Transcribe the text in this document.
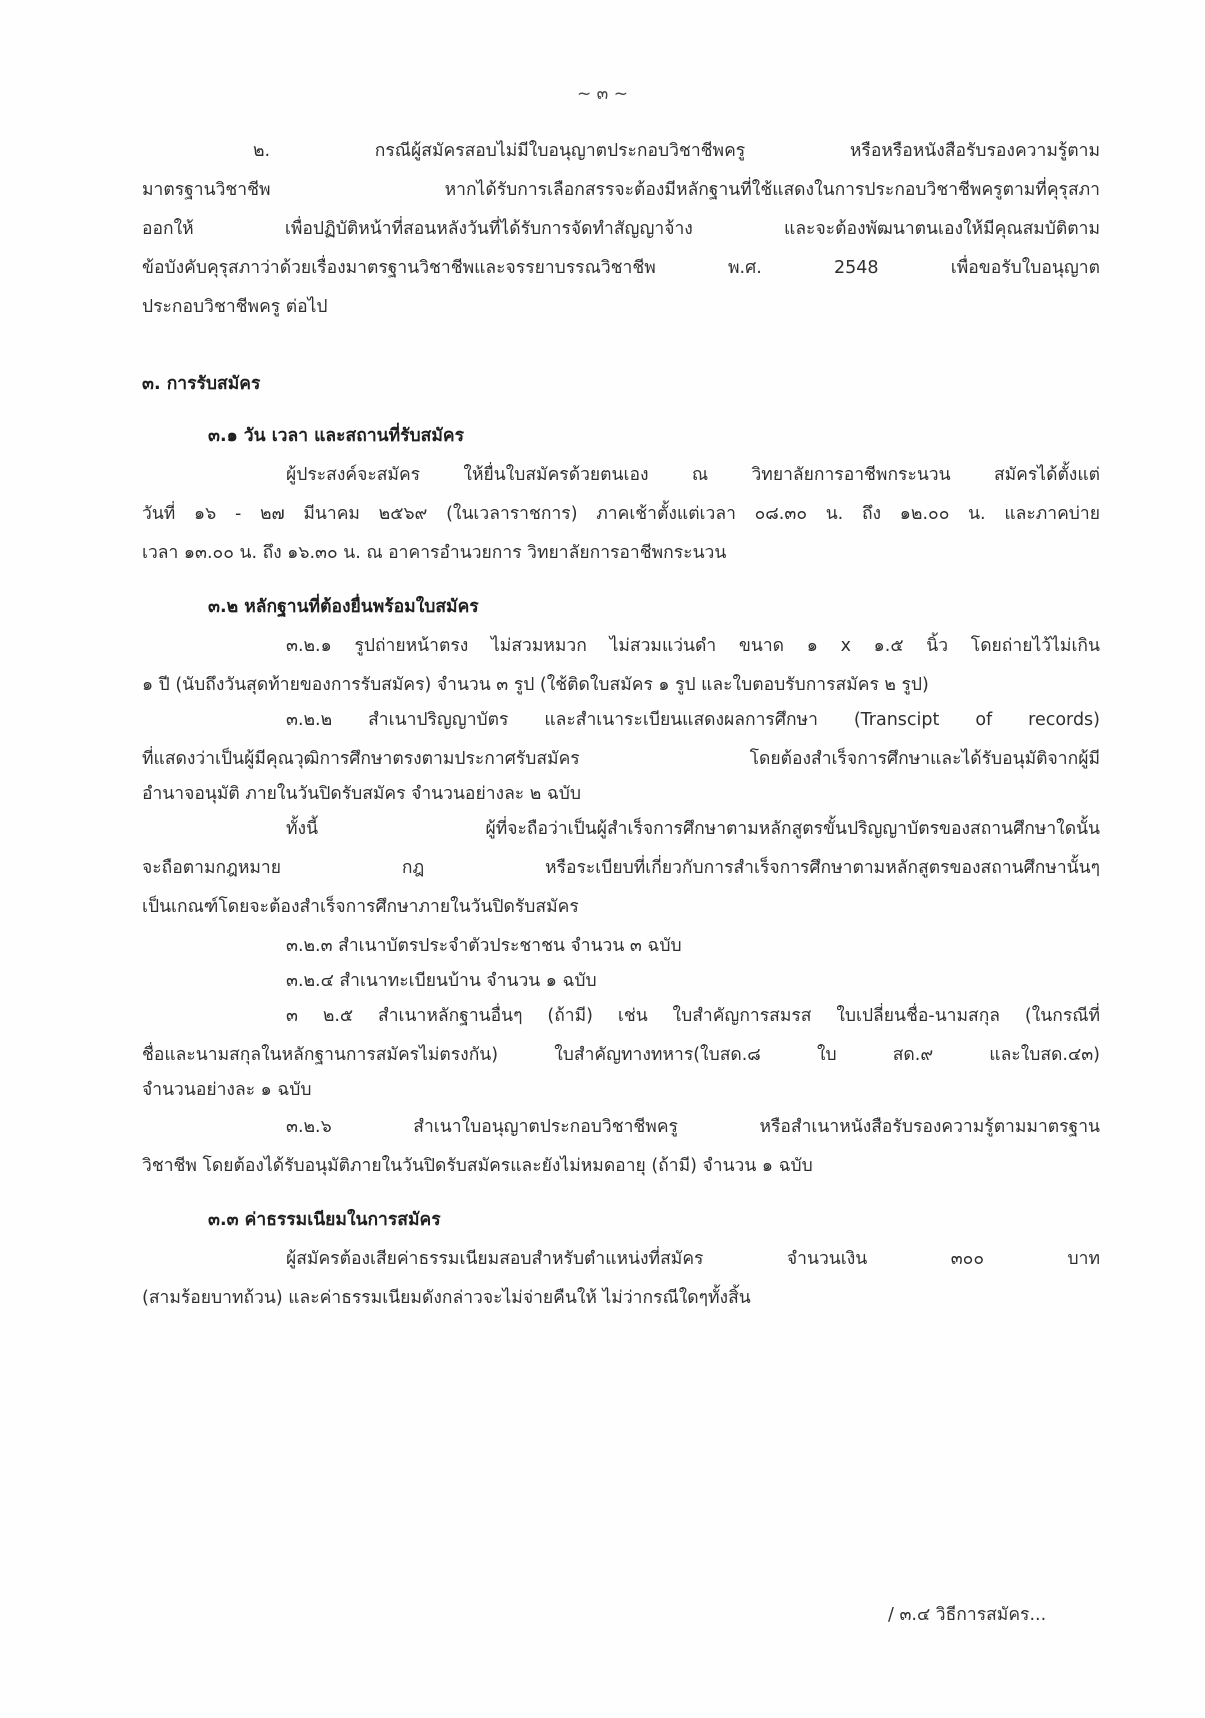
~ ๓ ~
๒. กรณีผู้สมัครสอบไม่มีใบอนุญาตประกอบวิชาชีพครู หรือหรือหนังสือรับรองความรู้ตาม
มาตรฐานวิชาชีพ หากได้รับการเลือกสรรจะต้องมีหลักฐานที่ใช้แสดงในการประกอบวิชาชีพครูตามที่คุรุสภา
ออกให้ เพื่อปฏิบัติหน้าที่สอนหลังวันที่ได้รับการจัดทำสัญญาจ้าง และจะต้องพัฒนาตนเองให้มีคุณสมบัติตาม
ข้อบังคับคุรุสภาว่าด้วยเรื่องมาตรฐานวิชาชีพและจรรยาบรรณวิชาชีพ พ.ศ. 2548 เพื่อขอรับใบอนุญาต
ประกอบวิชาชีพครู ต่อไป
๓. การรับสมัคร
๓.๑ วัน เวลา และสถานที่รับสมัคร
ผู้ประสงค์จะสมัคร ให้ยื่นใบสมัครด้วยตนเอง ณ วิทยาลัยการอาชีพกระนวน สมัครได้ตั้งแต่
วันที่ ๑๖ - ๒๗ มีนาคม ๒๕๖๙ (ในเวลาราชการ) ภาคเช้าตั้งแต่เวลา ๐๘.๓๐ น. ถึง ๑๒.๐๐ น. และภาคบ่าย
เวลา ๑๓.๐๐ น. ถึง ๑๖.๓๐ น. ณ อาคารอำนวยการ วิทยาลัยการอาชีพกระนวน
๓.๒ หลักฐานที่ต้องยื่นพร้อมใบสมัคร
๓.๒.๑ รูปถ่ายหน้าตรง ไม่สวมหมวก ไม่สวมแว่นดำ ขนาด ๑ x ๑.๕ นิ้ว โดยถ่ายไว้ไม่เกิน
๑ ปี (นับถึงวันสุดท้ายของการรับสมัคร) จำนวน ๓ รูป (ใช้ติดใบสมัคร ๑ รูป และใบตอบรับการสมัคร ๒ รูป)
๓.๒.๒ สำเนาปริญญาบัตร และสำเนาระเบียนแสดงผลการศึกษา (Transcipt of records)
ที่แสดงว่าเป็นผู้มีคุณวุฒิการศึกษาตรงตามประกาศรับสมัคร โดยต้องสำเร็จการศึกษาและได้รับอนุมัติจากผู้มี
อำนาจอนุมัติ ภายในวันปิดรับสมัคร จำนวนอย่างละ ๒ ฉบับ
ทั้งนี้ ผู้ที่จะถือว่าเป็นผู้สำเร็จการศึกษาตามหลักสูตรขั้นปริญญาบัตรของสถานศึกษาใดนั้น
จะถือตามกฎหมาย กฎ หรือระเบียบที่เกี่ยวกับการสำเร็จการศึกษาตามหลักสูตรของสถานศึกษานั้นๆ
เป็นเกณฑ์โดยจะต้องสำเร็จการศึกษาภายในวันปิดรับสมัคร
๓.๒.๓ สำเนาบัตรประจำตัวประชาชน จำนวน ๓ ฉบับ
๓.๒.๔ สำเนาทะเบียนบ้าน จำนวน ๑ ฉบับ
๓ ๒.๕ สำเนาหลักฐานอื่นๆ (ถ้ามี) เช่น ใบสำคัญการสมรส ใบเปลี่ยนชื่อ-นามสกุล (ในกรณีที่
ชื่อและนามสกุลในหลักฐานการสมัครไม่ตรงกัน) ใบสำคัญทางทหาร(ใบสด.๘ ใบ สด.๙ และใบสด.๔๓)
จำนวนอย่างละ ๑ ฉบับ
๓.๒.๖ สำเนาใบอนุญาตประกอบวิชาชีพครู หรือสำเนาหนังสือรับรองความรู้ตามมาตรฐาน
วิชาชีพ โดยต้องได้รับอนุมัติภายในวันปิดรับสมัครและยังไม่หมดอายุ (ถ้ามี) จำนวน ๑ ฉบับ
๓.๓ ค่าธรรมเนียมในการสมัคร
ผู้สมัครต้องเสียค่าธรรมเนียมสอบสำหรับตำแหน่งที่สมัคร จำนวนเงิน ๓๐๐ บาท
(สามร้อยบาทถ้วน) และค่าธรรมเนียมดังกล่าวจะไม่จ่ายคืนให้ ไม่ว่ากรณีใดๆทั้งสิ้น
/ ๓.๔ วิธีการสมัคร...
